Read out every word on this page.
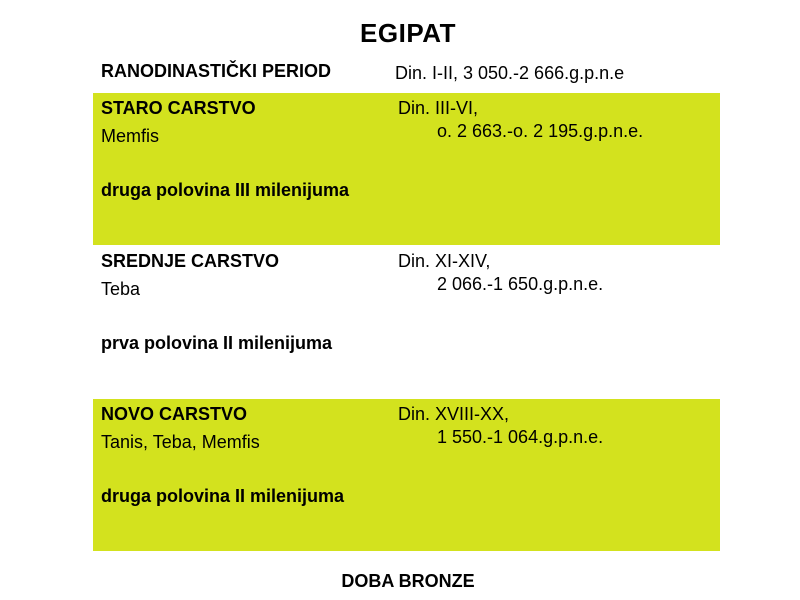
EGIPAT
RANODINASTIČKI PERIOD	Din. I-II, 3 050.-2 666.g.p.n.e
STARO CARSTVO
Memfis
druga polovina III milenijuma
Din. III-VI,
o. 2 663.-o. 2 195.g.p.n.e.
SREDNJE CARSTVO
Teba
prva polovina II milenijuma
Din. XI-XIV,
2 066.-1 650.g.p.n.e.
NOVO CARSTVO
Tanis, Teba, Memfis
druga polovina II milenijuma
Din. XVIII-XX,
1 550.-1 064.g.p.n.e.
DOBA BRONZE
